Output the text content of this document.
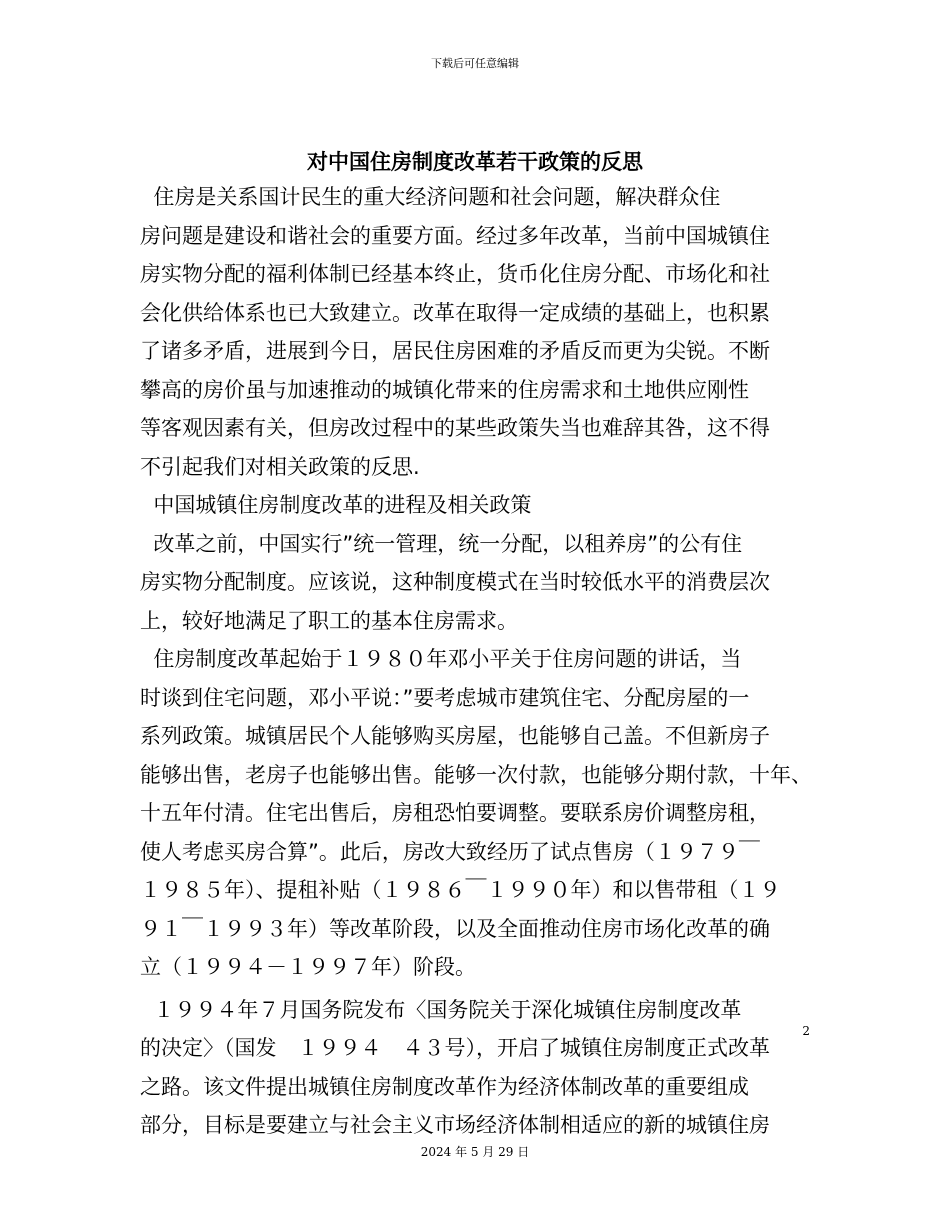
下载后可任意编辑
对中国住房制度改革若干政策的反思
住房是关系国计民生的重大经济问题和社会问题，解决群众住
房问题是建设和谐社会的重要方面。经过多年改革，当前中国城镇住
房实物分配的福利体制已经基本终止，货币化住房分配、市场化和社
会化供给体系也已大致建立。改革在取得一定成绩的基础上，也积累
了诸多矛盾，进展到今日，居民住房困难的矛盾反而更为尖锐。不断
攀高的房价虽与加速推动的城镇化带来的住房需求和土地供应刚性
等客观因素有关，但房改过程中的某些政策失当也难辞其咎，这不得
不引起我们对相关政策的反思.
中国城镇住房制度改革的进程及相关政策
改革之前，中国实行”统一管理，统一分配，以租养房”的公有住
房实物分配制度。应该说，这种制度模式在当时较低水平的消费层次
上，较好地满足了职工的基本住房需求。
住房制度改革起始于１９８０年邓小平关于住房问题的讲话，当
时谈到住宅问题，邓小平说：”要考虑城市建筑住宅、分配房屋的一
系列政策。城镇居民个人能够购买房屋，也能够自己盖。不但新房子
能够出售，老房子也能够出售。能够一次付款，也能够分期付款，十年、
十五年付清。住宅出售后，房租恐怕要调整。要联系房价调整房租，
使人考虑买房合算”。此后，房改大致经历了试点售房（１９７９￣
１９８５年）、提租补贴（１９８６￣１９９０年）和以售带租（１９
９１￣１９９３年）等改革阶段，以及全面推动住房市场化改革的确
立（１９９４－１９９７年）阶段。
１９９４年７月国务院发布〈国务院关于深化城镇住房制度改革
的决定〉（国发　１９９４　４３号），开启了城镇住房制度正式改革
之路。该文件提出城镇住房制度改革作为经济体制改革的重要组成
部分，目标是要建立与社会主义市场经济体制相适应的新的城镇住房
2
2024 年 5 月 29 日
